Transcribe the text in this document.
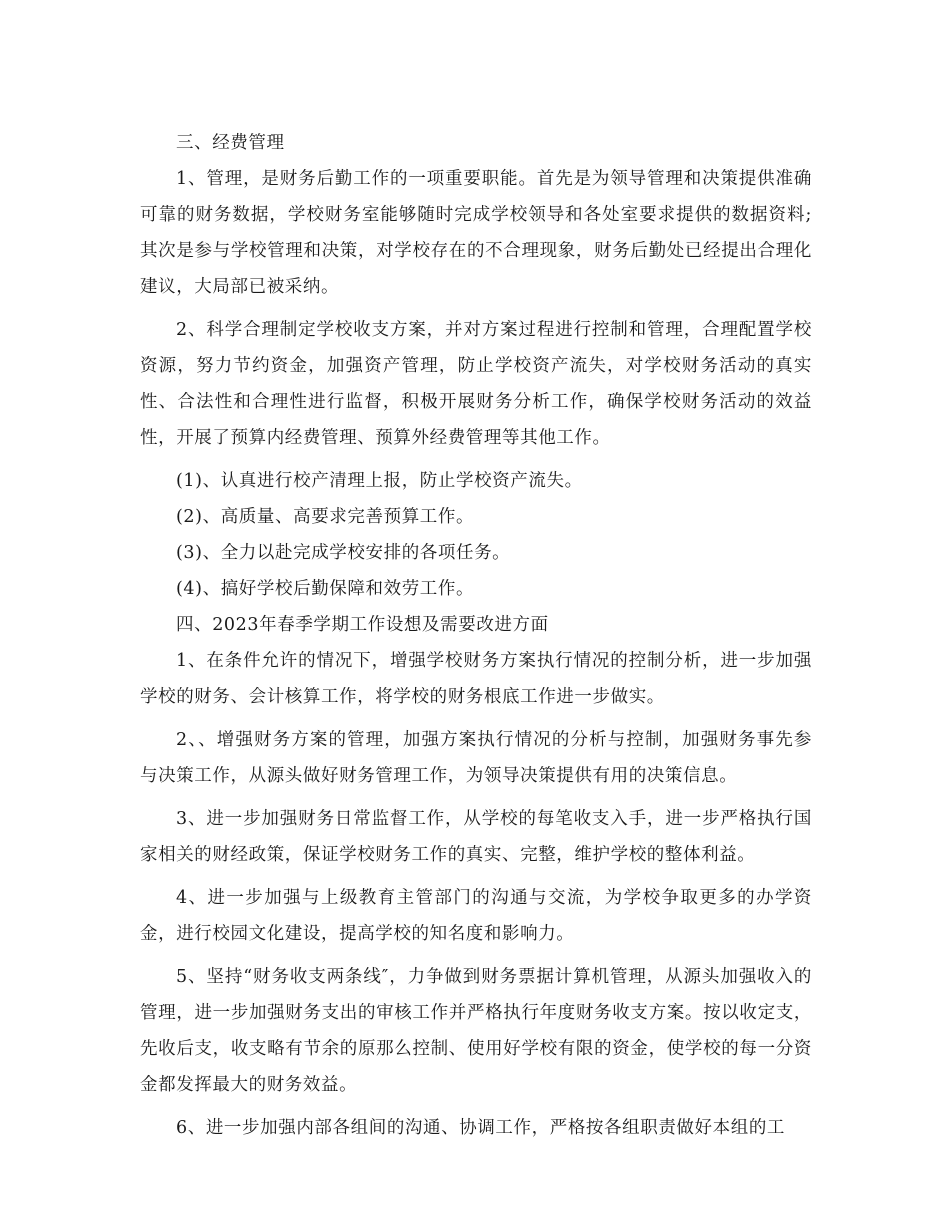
三、经费管理

1、管理，是财务后勤工作的一项重要职能。首先是为领导管理和决策提供准确可靠的财务数据，学校财务室能够随时完成学校领导和各处室要求提供的数据资料;其次是参与学校管理和决策，对学校存在的不合理现象，财务后勤处已经提出合理化建议，大局部已被采纳。

2、科学合理制定学校收支方案，并对方案过程进行控制和管理，合理配置学校资源，努力节约资金，加强资产管理，防止学校资产流失，对学校财务活动的真实性、合法性和合理性进行监督，积极开展财务分析工作，确保学校财务活动的效益性，开展了预算内经费管理、预算外经费管理等其他工作。

(1)、认真进行校产清理上报，防止学校资产流失。

(2)、高质量、高要求完善预算工作。

(3)、全力以赴完成学校安排的各项任务。

(4)、搞好学校后勤保障和效劳工作。

四、2023年春季学期工作设想及需要改进方面

1、在条件允许的情况下，增强学校财务方案执行情况的控制分析，进一步加强学校的财务、会计核算工作，将学校的财务根底工作进一步做实。

2、、增强财务方案的管理，加强方案执行情况的分析与控制，加强财务事先参与决策工作，从源头做好财务管理工作，为领导决策提供有用的决策信息。

3、进一步加强财务日常监督工作，从学校的每笔收支入手，进一步严格执行国家相关的财经政策，保证学校财务工作的真实、完整，维护学校的整体利益。

4、进一步加强与上级教育主管部门的沟通与交流，为学校争取更多的办学资金，进行校园文化建设，提高学校的知名度和影响力。

5、坚持“财务收支两条线″，力争做到财务票据计算机管理，从源头加强收入的管理，进一步加强财务支出的审核工作并严格执行年度财务收支方案。按以收定支，先收后支，收支略有节余的原那么控制、使用好学校有限的资金，使学校的每一分资金都发挥最大的财务效益。

6、进一步加强内部各组间的沟通、协调工作，严格按各组职责做好本组的工
